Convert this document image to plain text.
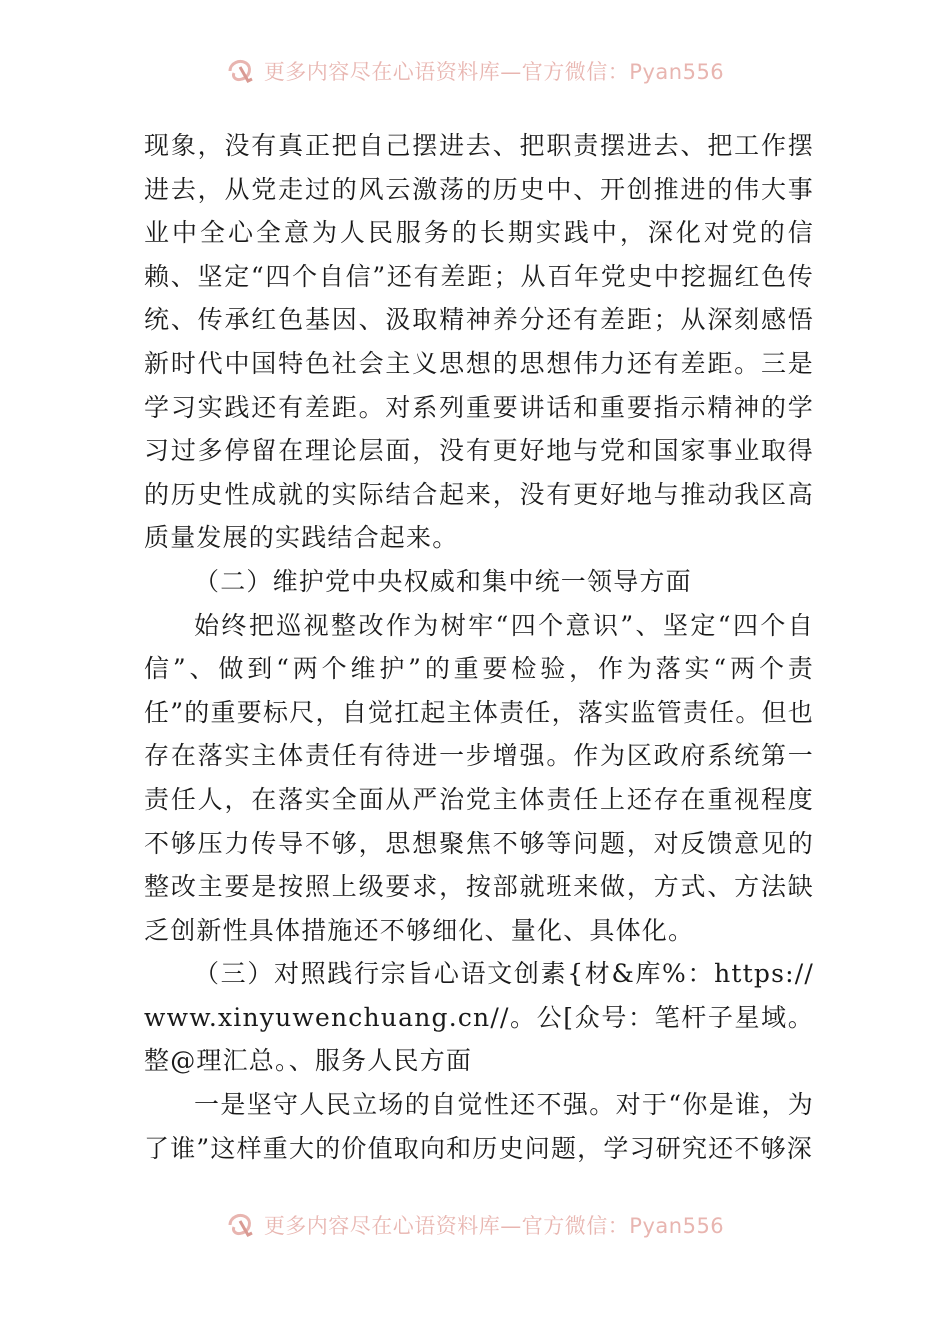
更多内容尽在心语资料库—官方微信：Pyan556

现象，没有真正把自己摆进去、把职责摆进去、把工作摆进去，从党走过的风云激荡的历史中、开创推进的伟大事业中全心全意为人民服务的长期实践中，深化对党的信赖、坚定“四个自信”还有差距；从百年党史中挖掘红色传统、传承红色基因、汲取精神养分还有差距；从深刻感悟新时代中国特色社会主义思想的思想伟力还有差距。三是学习实践还有差距。对系列重要讲话和重要指示精神的学习过多停留在理论层面，没有更好地与党和国家事业取得的历史性成就的实际结合起来，没有更好地与推动我区高质量发展的实践结合起来。

（二）维护党中央权威和集中统一领导方面

始终把巡视整改作为树牢“四个意识”、坚定“四个自信”、做到“两个维护”的重要检验，作为落实“两个责任”的重要标尺，自觉扛起主体责任，落实监管责任。但也存在落实主体责任有待进一步增强。作为区政府系统第一责任人，在落实全面从严治党主体责任上还存在重视程度不够压力传导不够，思想聚焦不够等问题，对反馈意见的整改主要是按照上级要求，按部就班来做，方式、方法缺乏创新性具体措施还不够细化、量化、具体化。

（三）对照践行宗旨心语文创素{材&库%：https://www.xinyuwenchuang.cn//。公[众号：笔杆子星域。整@理汇总。、服务人民方面

一是坚守人民立场的自觉性还不强。对于“你是谁，为了谁”这样重大的价值取向和历史问题，学习研究还不够深

更多内容尽在心语资料库—官方微信：Pyan556
